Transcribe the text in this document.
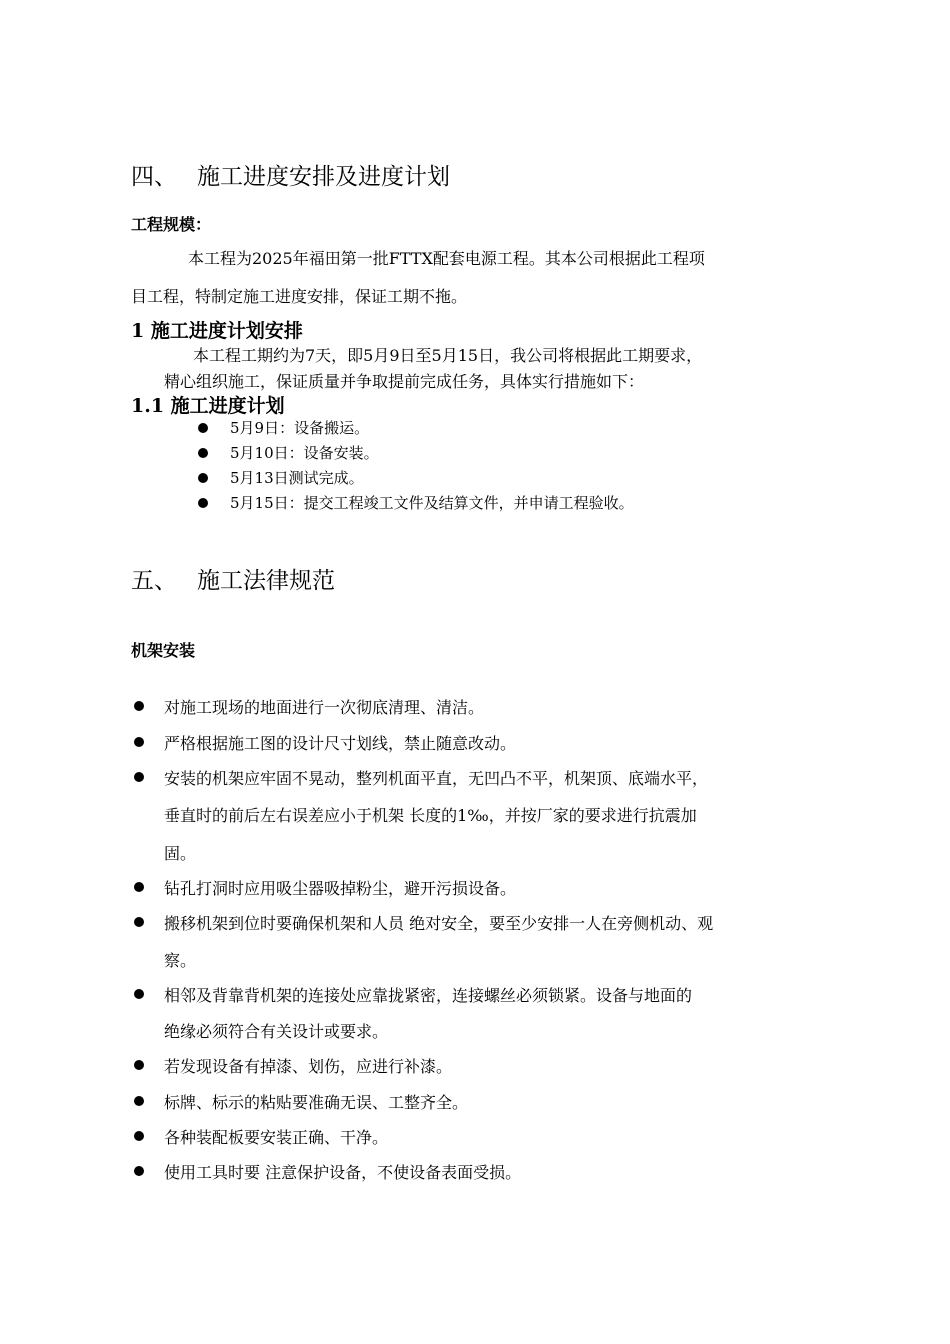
四、 施工进度安排及进度计划
工程规模：
本工程为2025年福田第一批FTTX配套电源工程。其本公司根据此工程项
目工程，特制定施工进度安排，保证工期不拖。
1 施工进度计划安排
本工程工期约为7天，即5月9日至5月15日，我公司将根据此工期要求，
精心组织施工，保证质量并争取提前完成任务，具体实行措施如下：
1.1 施工进度计划
5月9日：设备搬运。
5月10日：设备安装。
5月13日测试完成。
5月15日：提交工程竣工文件及结算文件，并申请工程验收。
五、 施工法律规范
机架安装
对施工现场的地面进行一次彻底清理、清洁。
严格根据施工图的设计尺寸划线，禁止随意改动。
安装的机架应牢固不晃动，整列机面平直，无凹凸不平，机架顶、底端水平，
垂直时的前后左右误差应小于机架 长度的1‰，并按厂家的要求进行抗震加
固。
钻孔打洞时应用吸尘器吸掉粉尘，避开污损设备。
搬移机架到位时要确保机架和人员 绝对安全，要至少安排一人在旁侧机动、观
察。
相邻及背靠背机架的连接处应靠拢紧密，连接螺丝必须锁紧。设备与地面的
绝缘必须符合有关设计或要求。
若发现设备有掉漆、划伤，应进行补漆。
标牌、标示的粘贴要准确无误、工整齐全。
各种装配板要安装正确、干净。
使用工具时要 注意保护设备，不使设备表面受损。
